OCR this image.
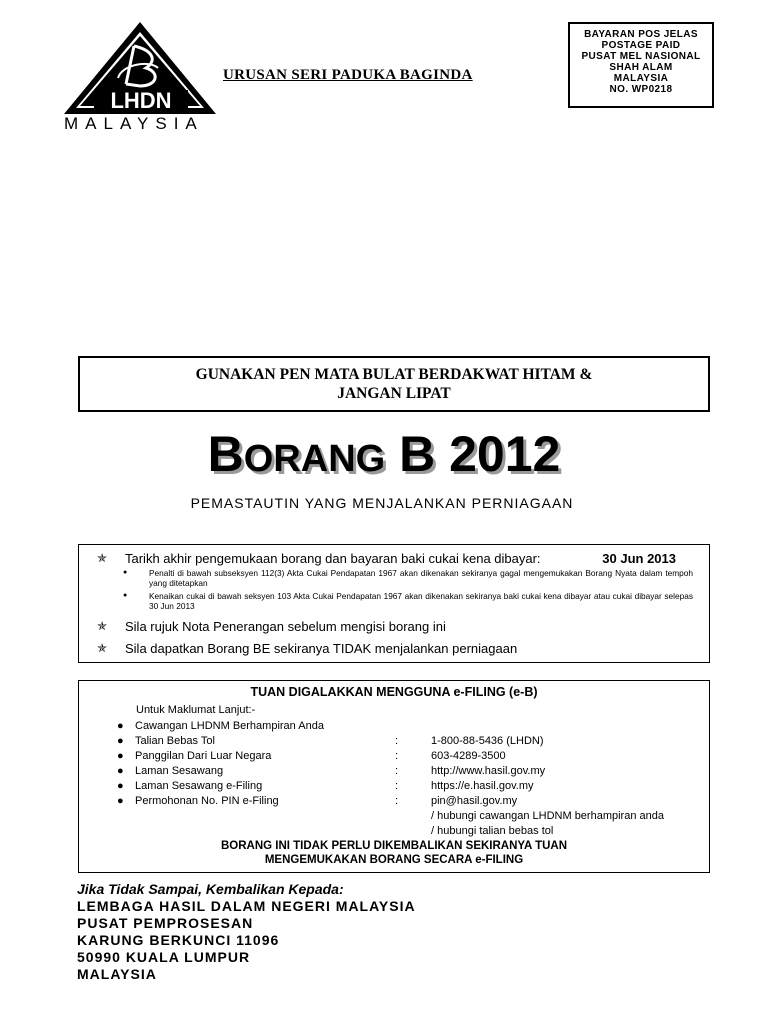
LHDN
MALAYSIA
URUSAN SERI PADUKA BAGINDA
BAYARAN POS JELAS
POSTAGE PAID
PUSAT MEL NASIONAL
SHAH ALAM
MALAYSIA
NO. WP0218
GUNAKAN PEN MATA BULAT BERDAKWAT HITAM &
JANGAN LIPAT
BORANG B 2012
PEMASTAUTIN YANG MENJALANKAN PERNIAGAAN
✯ Tarikh akhir pengemukaan borang dan bayaran baki cukai kena dibayar:	30 Jun 2013
●	Penalti di bawah subseksyen 112(3) Akta Cukai Pendapatan 1967 akan dikenakan sekiranya gagal mengemukakan Borang Nyata dalam tempoh yang ditetapkan
●	Kenaikan cukai di bawah seksyen 103 Akta Cukai Pendapatan 1967 akan dikenakan sekiranya baki cukai kena dibayar atau cukai dibayar selepas 30 Jun 2013
✯ Sila rujuk Nota Penerangan sebelum mengisi borang ini
✯ Sila dapatkan Borang BE sekiranya TIDAK menjalankan perniagaan
TUAN DIGALAKKAN MENGGUNA e-FILING (e-B)
Untuk Maklumat Lanjut:-
● Cawangan LHDNM Berhampiran Anda
● Talian Bebas Tol	:	1-800-88-5436 (LHDN)
● Panggilan Dari Luar Negara	:	603-4289-3500
● Laman Sesawang	:	http://www.hasil.gov.my
● Laman Sesawang e-Filing	:	https://e.hasil.gov.my
● Permohonan No. PIN e-Filing	:	pin@hasil.gov.my
/ hubungi cawangan LHDNM berhampiran anda
/ hubungi talian bebas tol
BORANG INI TIDAK PERLU DIKEMBALIKAN SEKIRANYA TUAN
MENGEMUKAKAN BORANG SECARA e-FILING
Jika Tidak Sampai, Kembalikan Kepada:
LEMBAGA HASIL DALAM NEGERI MALAYSIA
PUSAT PEMPROSESAN
KARUNG BERKUNCI 11096
50990 KUALA LUMPUR
MALAYSIA
